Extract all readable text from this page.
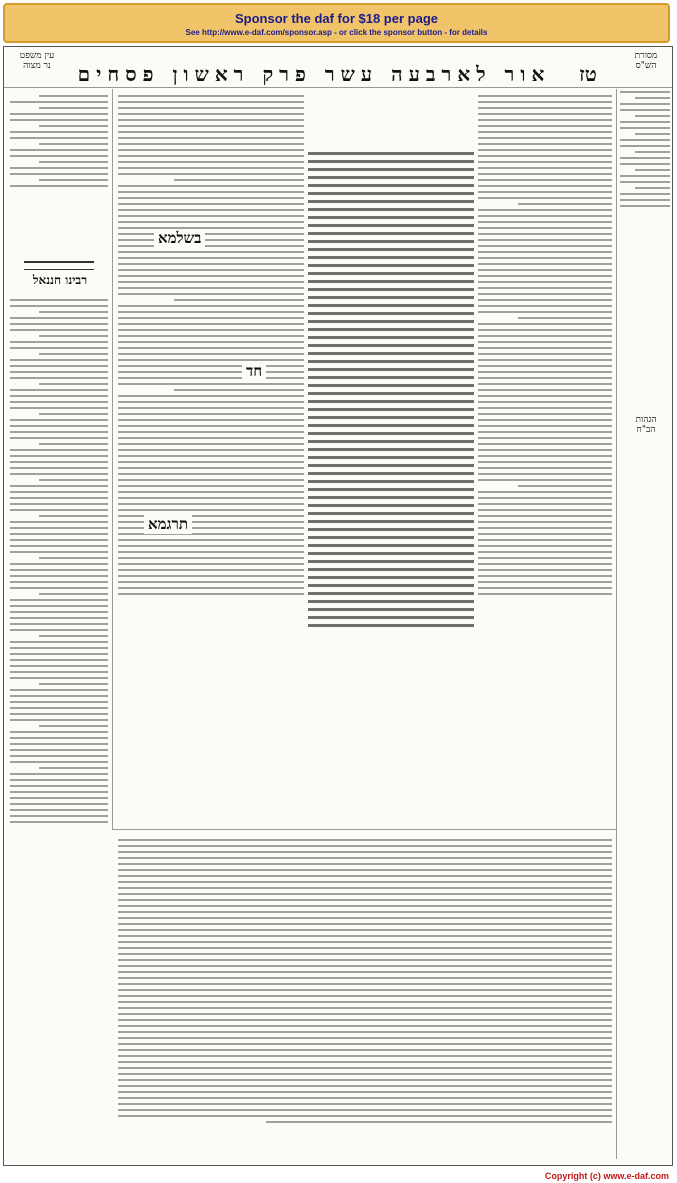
Sponsor the daf for $18 per page
See http://www.e-daf.com/sponsor.asp - or click the sponsor button - for details
טז
אור לארבעה עשר פרק ראשון פסחים
עין משפט
נר מצוה
מסורת
הש"ס
הגהות
הב"ח
רבינו חננאל
בשלמא
חד
תרגמא
Copyright (c) www.e-daf.com
